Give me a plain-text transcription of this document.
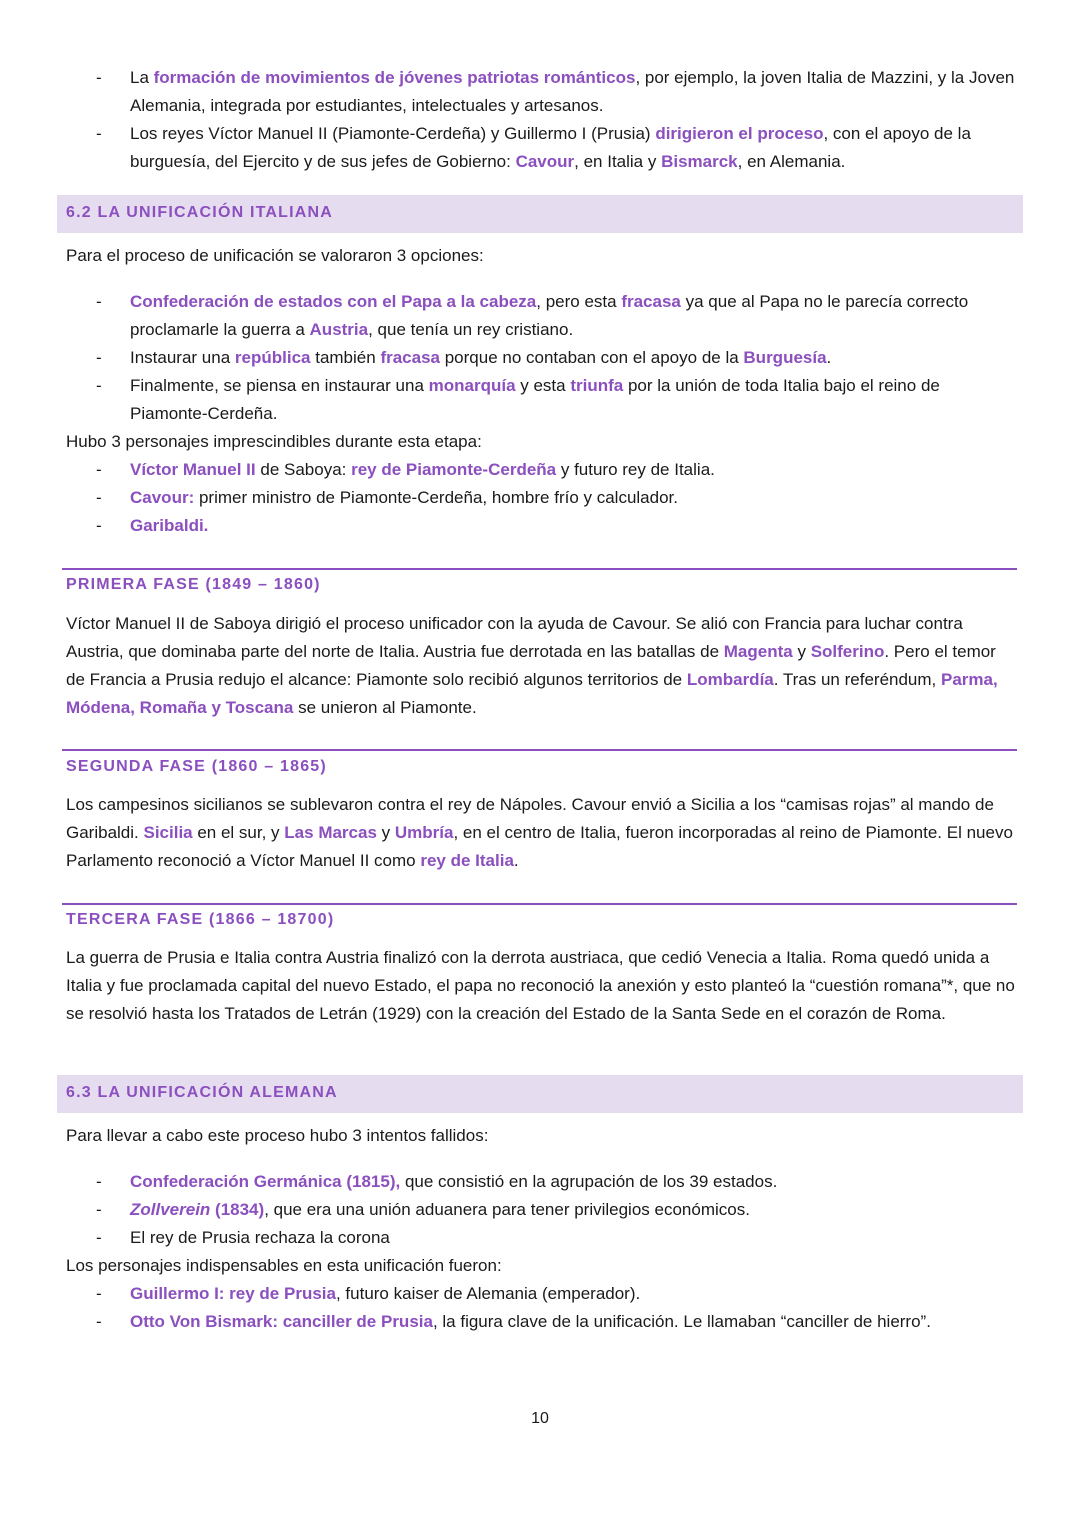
- La formación de movimientos de jóvenes patriotas románticos, por ejemplo, la joven Italia de Mazzini, y la Joven Alemania, integrada por estudiantes, intelectuales y artesanos.
- Los reyes Víctor Manuel II (Piamonte-Cerdeña) y Guillermo I (Prusia) dirigieron el proceso, con el apoyo de la burguesía, del Ejercito y de sus jefes de Gobierno: Cavour, en Italia y Bismarck, en Alemania.
6.2 LA UNIFICACIÓN ITALIANA
Para el proceso de unificación se valoraron 3 opciones:
- Confederación de estados con el Papa a la cabeza, pero esta fracasa ya que al Papa no le parecía correcto proclamarle la guerra a Austria, que tenía un rey cristiano.
- Instaurar una república también fracasa porque no contaban con el apoyo de la Burguesía.
- Finalmente, se piensa en instaurar una monarquía y esta triunfa por la unión de toda Italia bajo el reino de Piamonte-Cerdeña.
Hubo 3 personajes imprescindibles durante esta etapa:
- Víctor Manuel II de Saboya: rey de Piamonte-Cerdeña y futuro rey de Italia.
- Cavour: primer ministro de Piamonte-Cerdeña, hombre frío y calculador.
- Garibaldi.
PRIMERA FASE (1849 – 1860)
Víctor Manuel II de Saboya dirigió el proceso unificador con la ayuda de Cavour. Se alió con Francia para luchar contra Austria, que dominaba parte del norte de Italia. Austria fue derrotada en las batallas de Magenta y Solferino. Pero el temor de Francia a Prusia redujo el alcance: Piamonte solo recibió algunos territorios de Lombardía. Tras un referéndum, Parma, Módena, Romaña y Toscana se unieron al Piamonte.
SEGUNDA FASE (1860 – 1865)
Los campesinos sicilianos se sublevaron contra el rey de Nápoles. Cavour envió a Sicilia a los “camisas rojas” al mando de Garibaldi. Sicilia en el sur, y Las Marcas y Umbría, en el centro de Italia, fueron incorporadas al reino de Piamonte. El nuevo Parlamento reconoció a Víctor Manuel II como rey de Italia.
TERCERA FASE (1866 – 18700)
La guerra de Prusia e Italia contra Austria finalizó con la derrota austriaca, que cedió Venecia a Italia. Roma quedó unida a Italia y fue proclamada capital del nuevo Estado, el papa no reconoció la anexión y esto planteó la “cuestión romana”*, que no se resolvió hasta los Tratados de Letrán (1929) con la creación del Estado de la Santa Sede en el corazón de Roma.
6.3 LA UNIFICACIÓN ALEMANA
Para llevar a cabo este proceso hubo 3 intentos fallidos:
- Confederación Germánica (1815), que consistió en la agrupación de los 39 estados.
- Zollverein (1834), que era una unión aduanera para tener privilegios económicos.
- El rey de Prusia rechaza la corona
Los personajes indispensables en esta unificación fueron:
- Guillermo I: rey de Prusia, futuro kaiser de Alemania (emperador).
- Otto Von Bismark: canciller de Prusia, la figura clave de la unificación. Le llamaban “canciller de hierro”.
10
